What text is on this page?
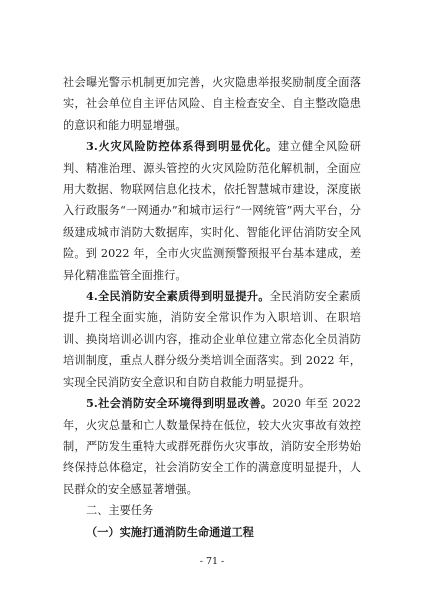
社会曝光警示机制更加完善，火灾隐患举报奖励制度全面落实，社会单位自主评估风险、自主检查安全、自主整改隐患的意识和能力明显增强。

3.火灾风险防控体系得到明显优化。建立健全风险研判、精准治理、源头管控的火灾风险防范化解机制，全面应用大数据、物联网信息化技术，依托智慧城市建设，深度嵌入行政服务“一网通办”和城市运行“一网统管”两大平台，分级建成城市消防大数据库，实时化、智能化评估消防安全风险。到 2022 年，全市火灾监测预警预报平台基本建成，差异化精准监管全面推行。

4.全民消防安全素质得到明显提升。全民消防安全素质提升工程全面实施，消防安全常识作为入职培训、在职培训、换岗培训必训内容，推动企业单位建立常态化全员消防培训制度，重点人群分级分类培训全面落实。到 2022 年，实现全民消防安全意识和自防自救能力明显提升。

5.社会消防安全环境得到明显改善。2020 年至 2022 年，火灾总量和亡人数量保持在低位，较大火灾事故有效控制，严防发生重特大或群死群伤火灾事故，消防安全形势始终保持总体稳定，社会消防安全工作的满意度明显提升，人民群众的安全感显著增强。

二、主要任务

（一）实施打通消防生命通道工程

- 71 -
